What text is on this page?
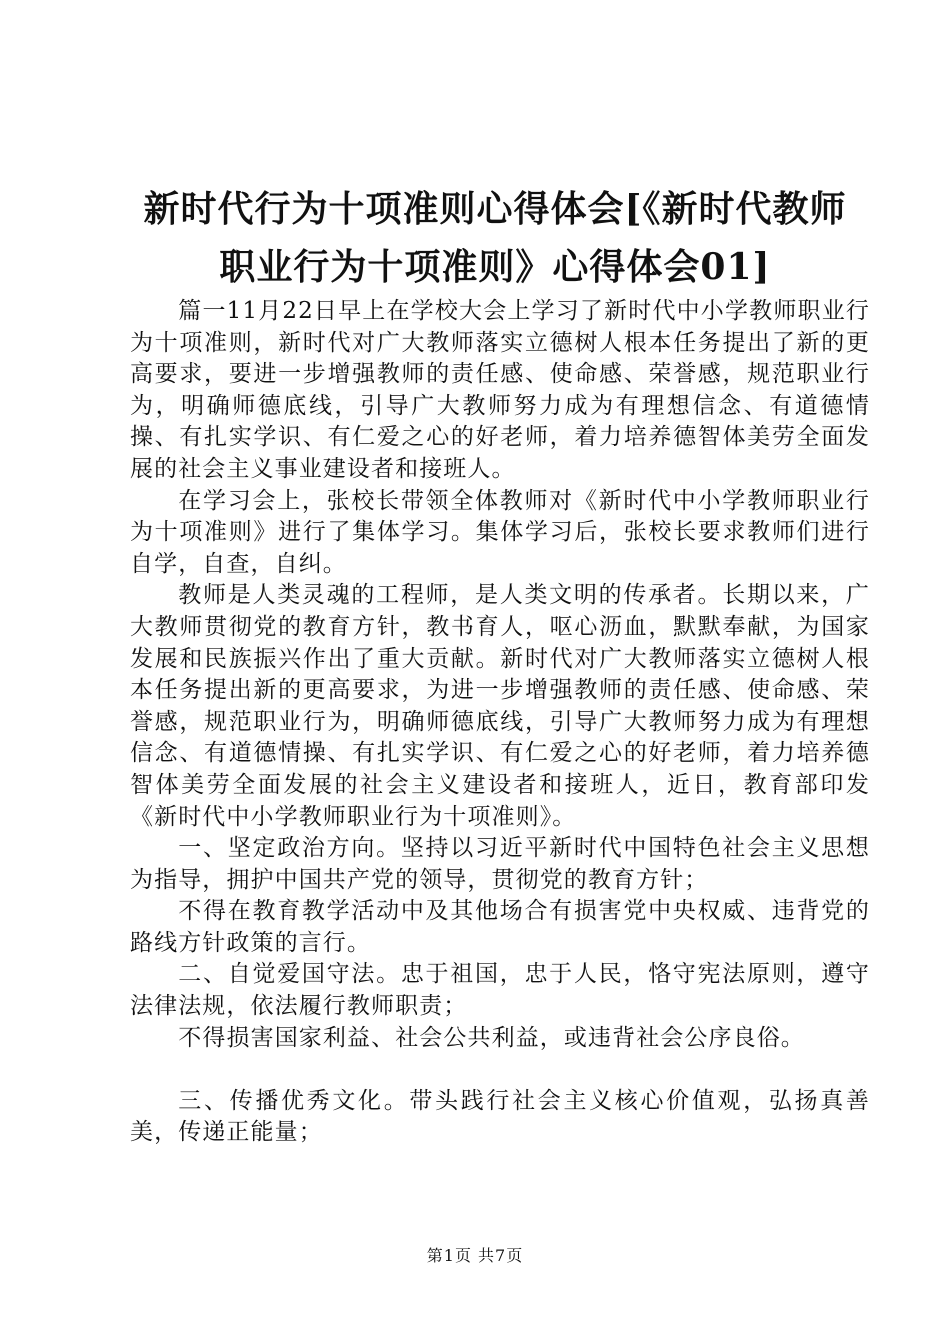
新时代行为十项准则心得体会[《新时代教师
职业行为十项准则》心得体会01]

篇一11月22日早上在学校大会上学习了新时代中小学教师职业行为十项准则，新时代对广大教师落实立德树人根本任务提出了新的更高要求，要进一步增强教师的责任感、使命感、荣誉感，规范职业行为，明确师德底线，引导广大教师努力成为有理想信念、有道德情操、有扎实学识、有仁爱之心的好老师，着力培养德智体美劳全面发展的社会主义事业建设者和接班人。

在学习会上，张校长带领全体教师对《新时代中小学教师职业行为十项准则》进行了集体学习。集体学习后，张校长要求教师们进行自学，自查，自纠。

教师是人类灵魂的工程师，是人类文明的传承者。长期以来，广大教师贯彻党的教育方针，教书育人，呕心沥血，默默奉献，为国家发展和民族振兴作出了重大贡献。新时代对广大教师落实立德树人根本任务提出新的更高要求，为进一步增强教师的责任感、使命感、荣誉感，规范职业行为，明确师德底线，引导广大教师努力成为有理想信念、有道德情操、有扎实学识、有仁爱之心的好老师，着力培养德智体美劳全面发展的社会主义建设者和接班人，近日，教育部印发《新时代中小学教师职业行为十项准则》。

一、坚定政治方向。坚持以习近平新时代中国特色社会主义思想为指导，拥护中国共产党的领导，贯彻党的教育方针；

不得在教育教学活动中及其他场合有损害党中央权威、违背党的路线方针政策的言行。

二、自觉爱国守法。忠于祖国，忠于人民，恪守宪法原则，遵守法律法规，依法履行教师职责；

不得损害国家利益、社会公共利益，或违背社会公序良俗。

三、传播优秀文化。带头践行社会主义核心价值观，弘扬真善美，传递正能量；

第1页 共7页
